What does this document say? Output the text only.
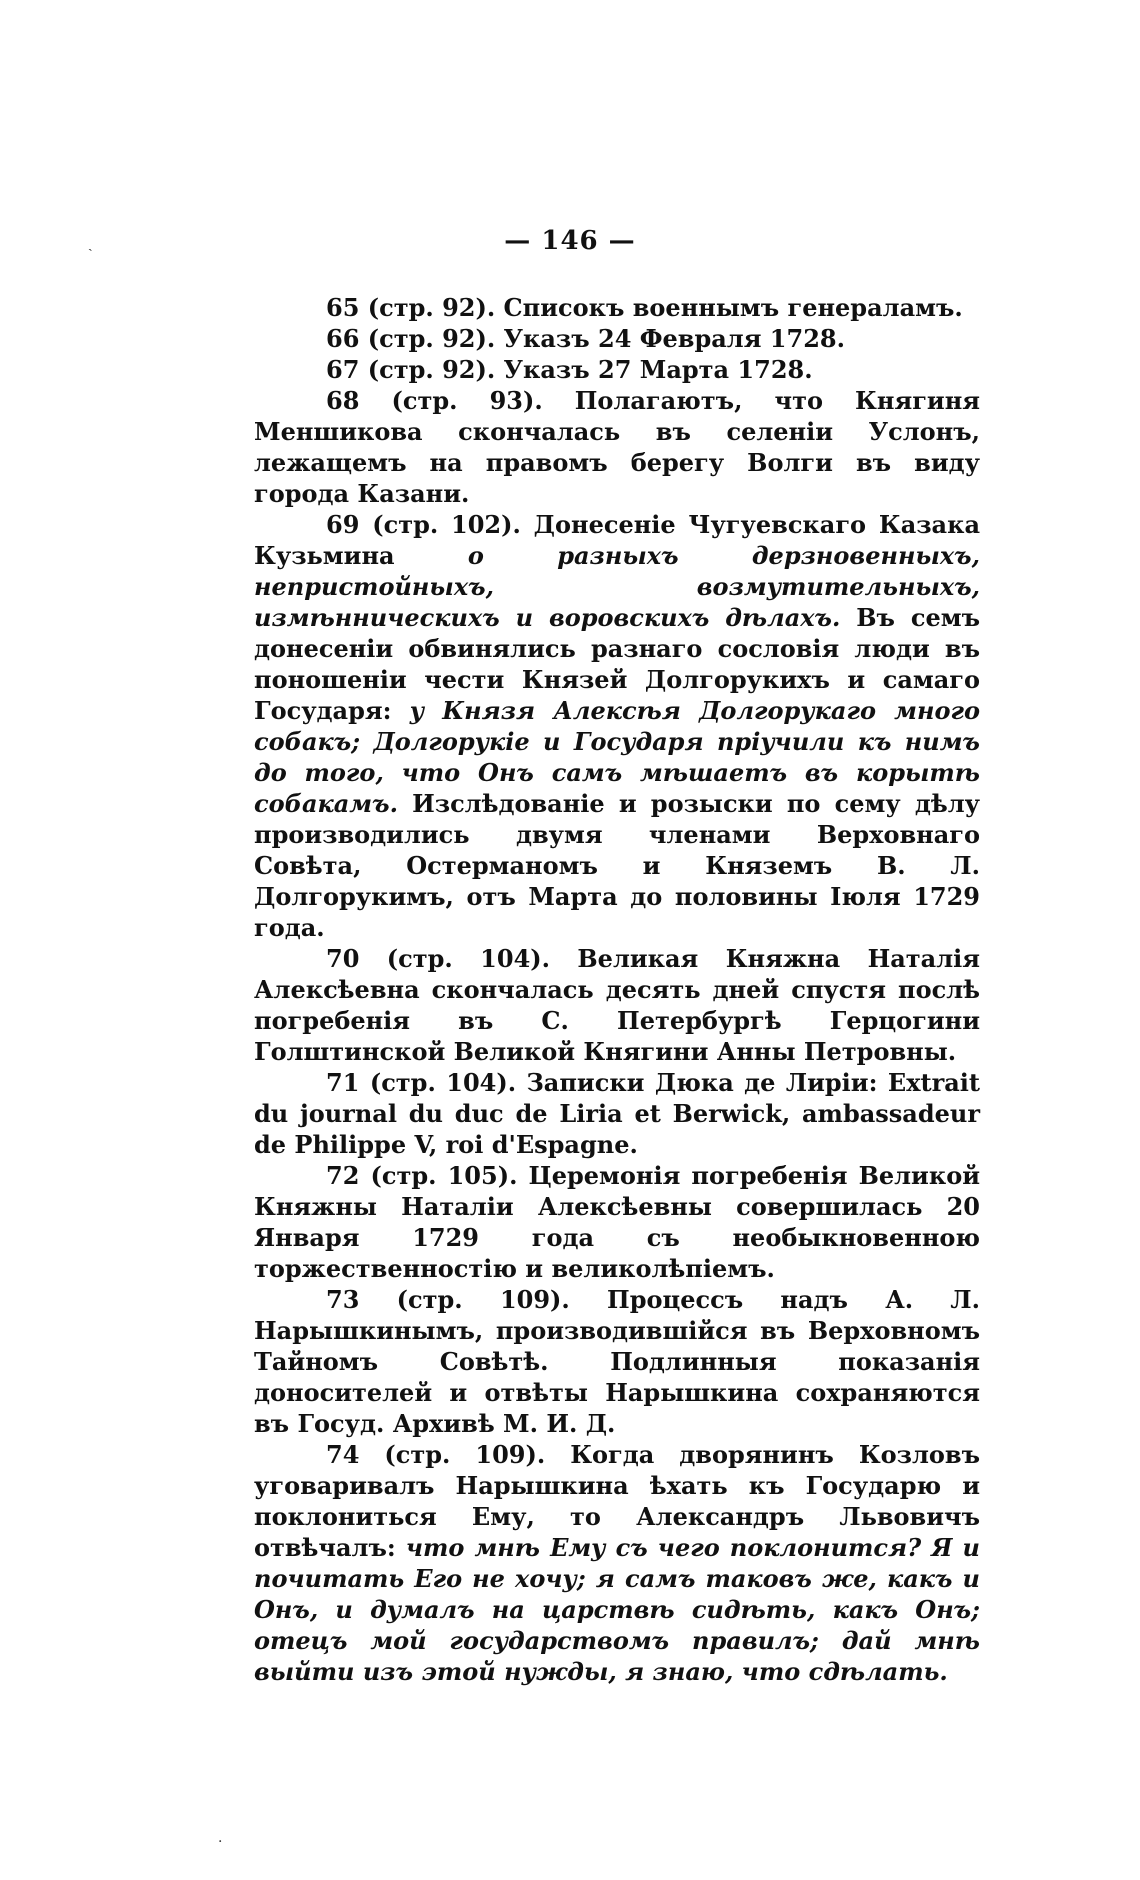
ˎ
·
— 146 —

65 (стр. 92). Списокъ военнымъ генераламъ.

66 (стр. 92). Указъ 24 Февраля 1728.

67 (стр. 92). Указъ 27 Марта 1728.

68 (стр. 93). Полагаютъ, что Княгиня Меншикова скончалась въ селеніи Услонъ, лежащемъ на правомъ берегу Волги въ виду города Казани.

69 (стр. 102). Донесеніе Чугуевскаго Казака Кузьмина о разныхъ дерзновенныхъ, непристойныхъ, возмутительныхъ, измѣнническихъ и воровскихъ дѣлахъ. Въ семъ донесеніи обвинялись разнаго сословія люди въ поношеніи чести Князей Долгорукихъ и самаго Государя: у Князя Алексѣя Долгорукаго много собакъ; Долгорукіе и Государя пріучили къ нимъ до того, что Онъ самъ мѣшаетъ въ корытѣ собакамъ. Изслѣдованіе и розыски по сему дѣлу производились двумя членами Верховнаго Совѣта, Остерманомъ и Княземъ В. Л. Долгорукимъ, отъ Марта до половины Іюля 1729 года.

70 (стр. 104). Великая Княжна Наталія Алексѣевна скончалась десять дней спустя послѣ погребенія въ С. Петербургѣ Герцогини Голштинской Великой Княгини Анны Петровны.

71 (стр. 104). Записки Дюка де Лиріи: Extrait du journal du duc de Liria et Berwick, ambassadeur de Philippe V, roi d'Espagne.

72 (стр. 105). Церемонія погребенія Великой Княжны Наталіи Алексѣевны совершилась 20 Января 1729 года съ необыкновенною торжественностію и великолѣпіемъ.

73 (стр. 109). Процессъ надъ А. Л. Нарышкинымъ, производившійся въ Верховномъ Тайномъ Совѣтѣ. Подлинныя показанія доносителей и отвѣты Нарышкина сохраняются въ Госуд. Архивѣ М. И. Д.

74 (стр. 109). Когда дворянинъ Козловъ уговаривалъ Нарышкина ѣхать къ Государю и поклониться Ему, то Александръ Львовичъ отвѣчалъ: что мнѣ Ему съ чего поклонится? Я и почитать Его не хочу; я самъ таковъ же, какъ и Онъ, и думалъ на царствѣ сидѣть, какъ Онъ; отецъ мой государствомъ правилъ; дай мнѣ выйти изъ этой нужды, я знаю, что сдѣлать.
